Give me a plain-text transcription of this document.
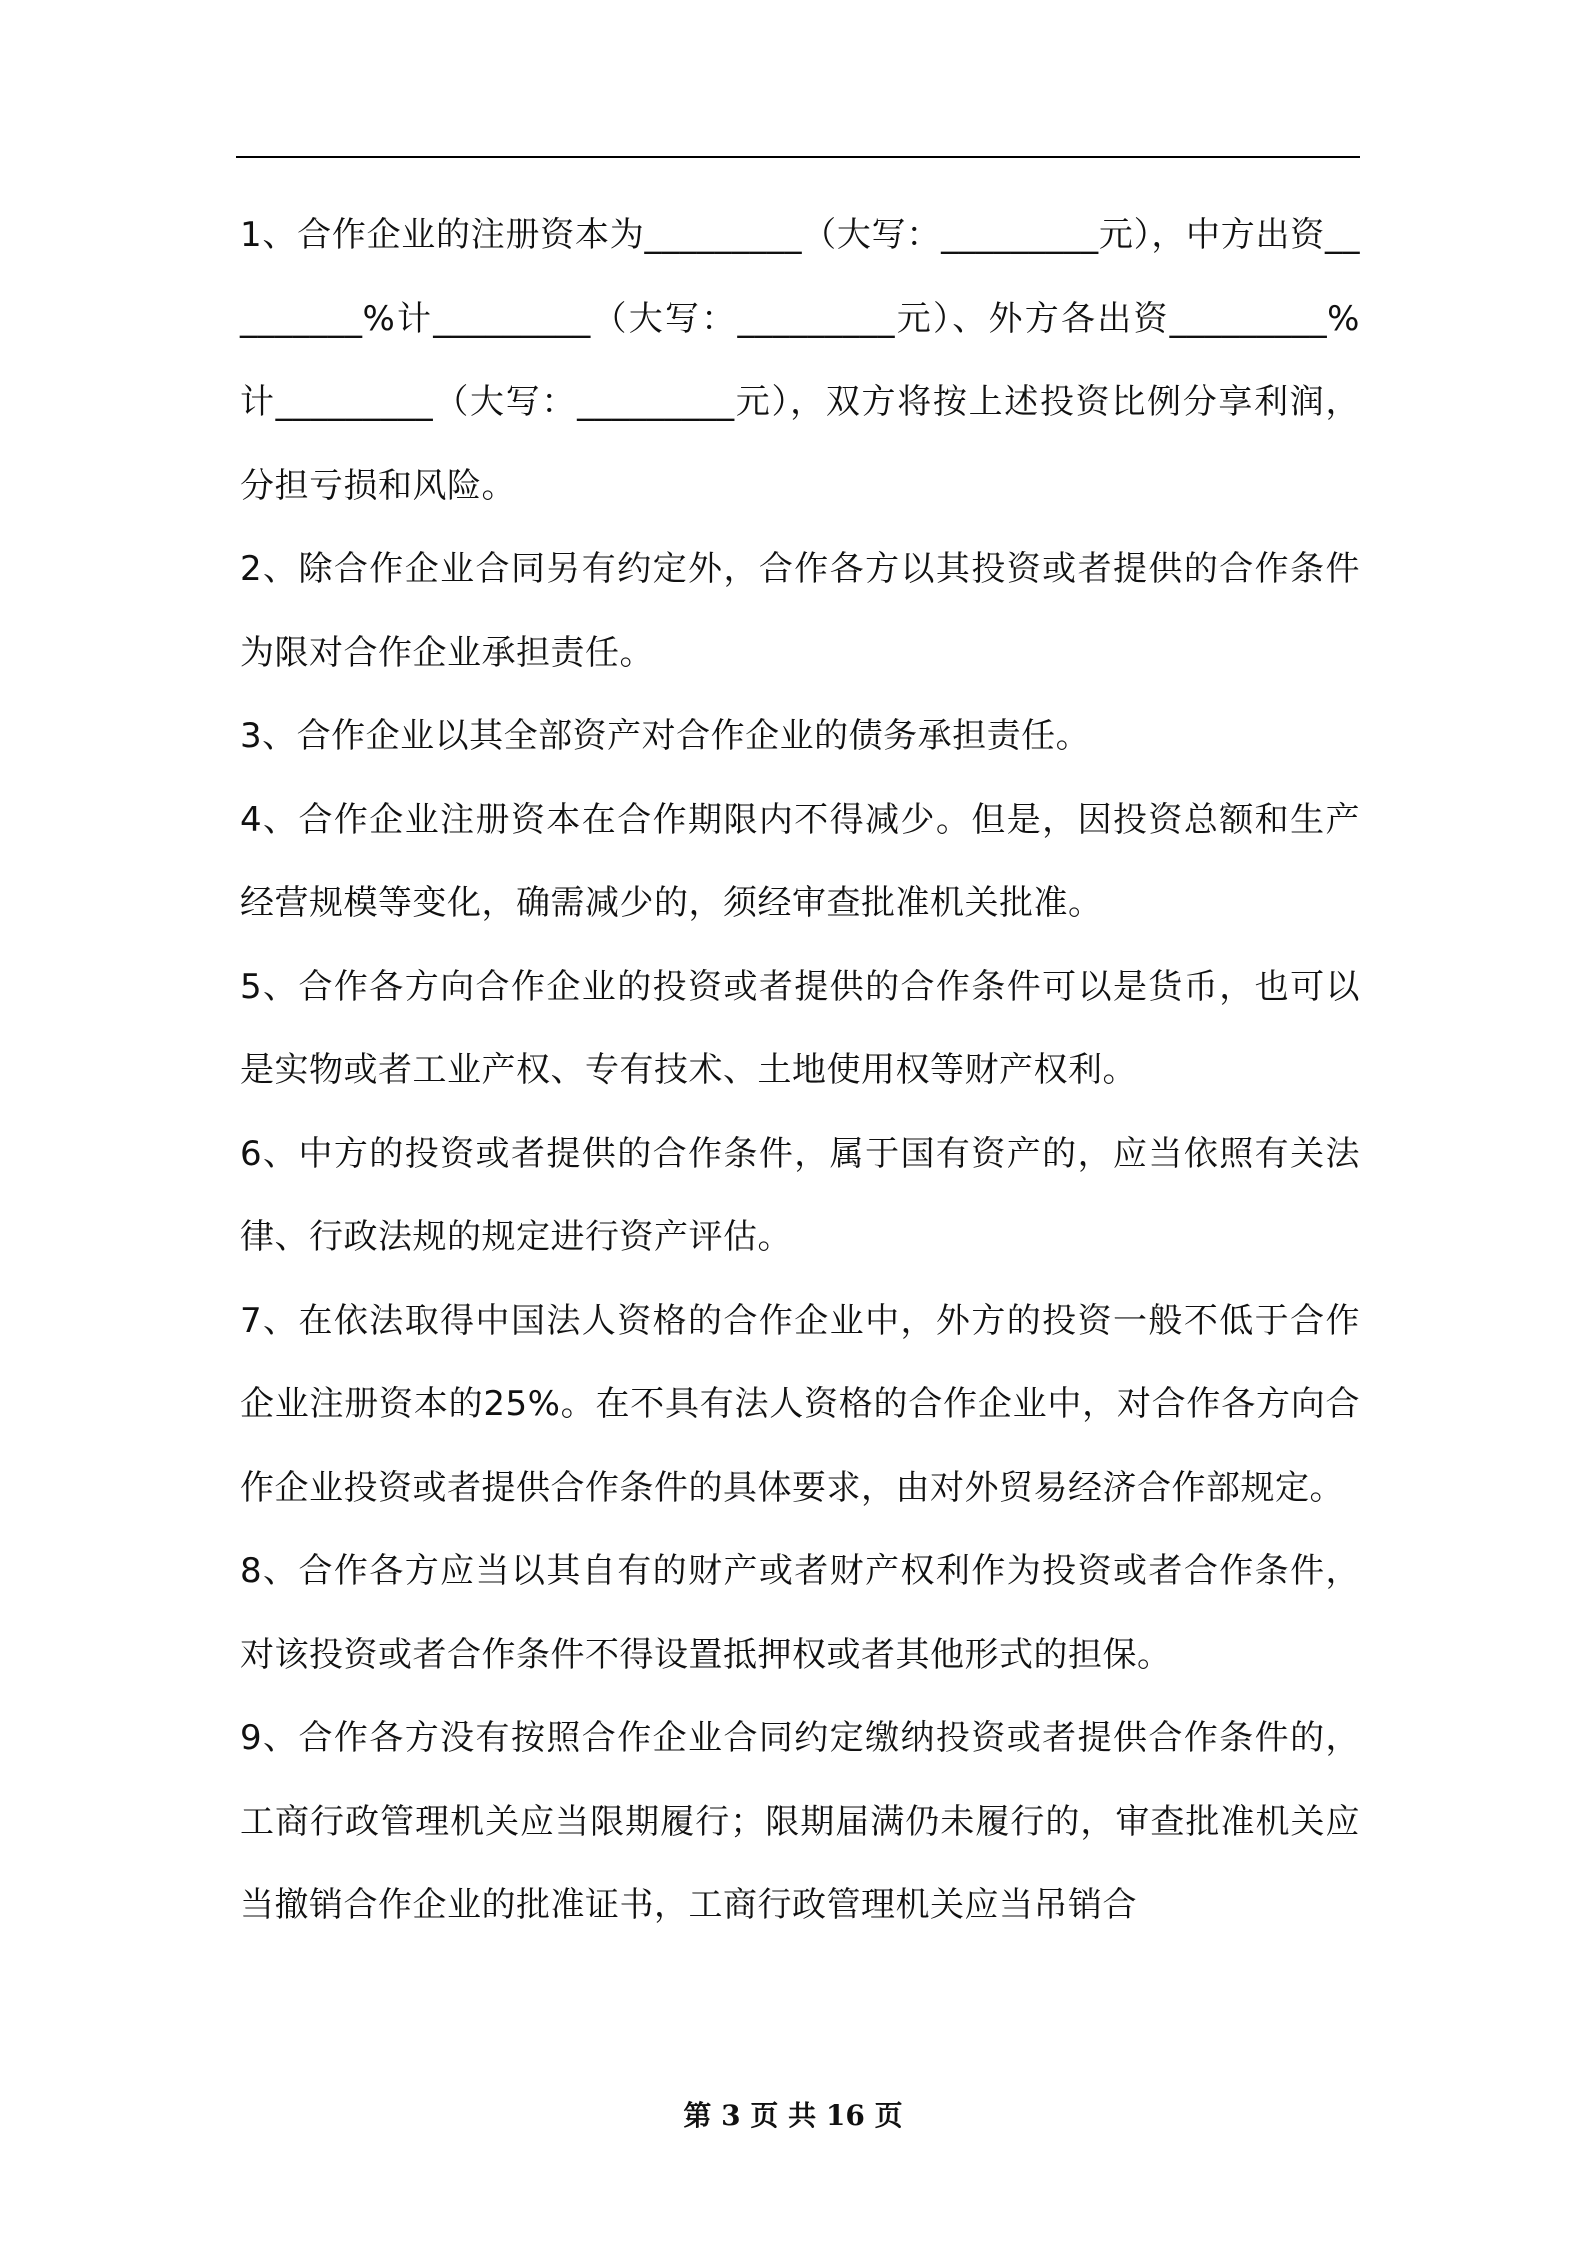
1、合作企业的注册资本为_________（大写：_________元），中方出资_________%计_________（大写：_________元）、外方各出资_________%计_________（大写：_________元），双方将按上述投资比例分享利润，分担亏损和风险。

2、除合作企业合同另有约定外，合作各方以其投资或者提供的合作条件为限对合作企业承担责任。

3、合作企业以其全部资产对合作企业的债务承担责任。

4、合作企业注册资本在合作期限内不得减少。但是，因投资总额和生产经营规模等变化，确需减少的，须经审查批准机关批准。

5、合作各方向合作企业的投资或者提供的合作条件可以是货币，也可以是实物或者工业产权、专有技术、土地使用权等财产权利。

6、中方的投资或者提供的合作条件，属于国有资产的，应当依照有关法律、行政法规的规定进行资产评估。

7、在依法取得中国法人资格的合作企业中，外方的投资一般不低于合作企业注册资本的25%。在不具有法人资格的合作企业中，对合作各方向合作企业投资或者提供合作条件的具体要求，由对外贸易经济合作部规定。

8、合作各方应当以其自有的财产或者财产权利作为投资或者合作条件，对该投资或者合作条件不得设置抵押权或者其他形式的担保。

9、合作各方没有按照合作企业合同约定缴纳投资或者提供合作条件的，工商行政管理机关应当限期履行；限期届满仍未履行的，审查批准机关应当撤销合作企业的批准证书，工商行政管理机关应当吊销合

第 3 页 共 16 页
